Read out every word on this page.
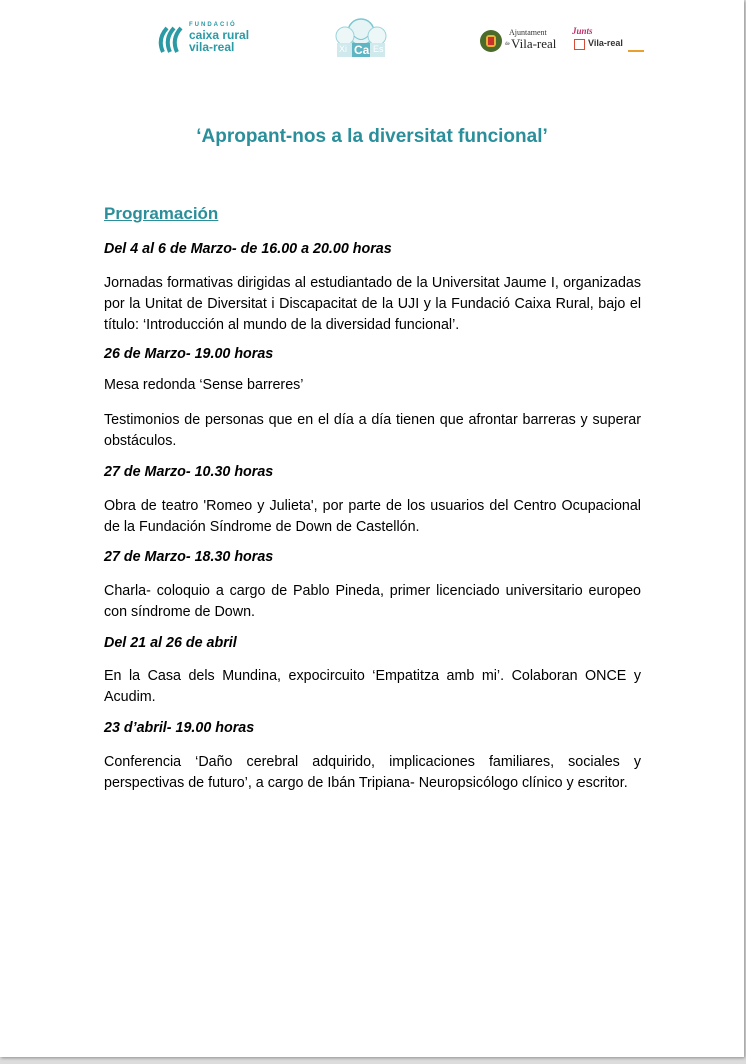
FUNDACIÓ
caixa rural
vila-real	Xi Ca Es
Ajuntament
de Vila-real
Junts
Vila-real
‘Apropant-nos a la diversitat funcional’
Programación
Del 4 al 6 de Marzo- de 16.00 a 20.00 horas
Jornadas formativas dirigidas al estudiantado de la Universitat Jaume I, organizadas por la Unitat de Diversitat i Discapacitat de la UJI y la Fundació Caixa Rural, bajo el título: ‘Introducción al mundo de la diversidad funcional’.
26 de Marzo- 19.00 horas
Mesa redonda ‘Sense barreres’
Testimonios de personas que en el día a día tienen que afrontar barreras y superar obstáculos.
27 de Marzo- 10.30 horas
Obra de teatro 'Romeo y Julieta', por parte de los usuarios del Centro Ocupacional de la Fundación Síndrome de Down de Castellón.
27 de Marzo- 18.30 horas
Charla- coloquio a cargo de Pablo Pineda, primer licenciado universitario europeo con síndrome de Down.
Del 21 al 26 de abril
En la Casa dels Mundina, expocircuito ‘Empatitza amb mi’. Colaboran ONCE y Acudim.
23 d’abril- 19.00 horas
Conferencia ‘Daño cerebral adquirido, implicaciones familiares, sociales y perspectivas de futuro’, a cargo de Ibán Tripiana- Neuropsicólogo clínico y escritor.
